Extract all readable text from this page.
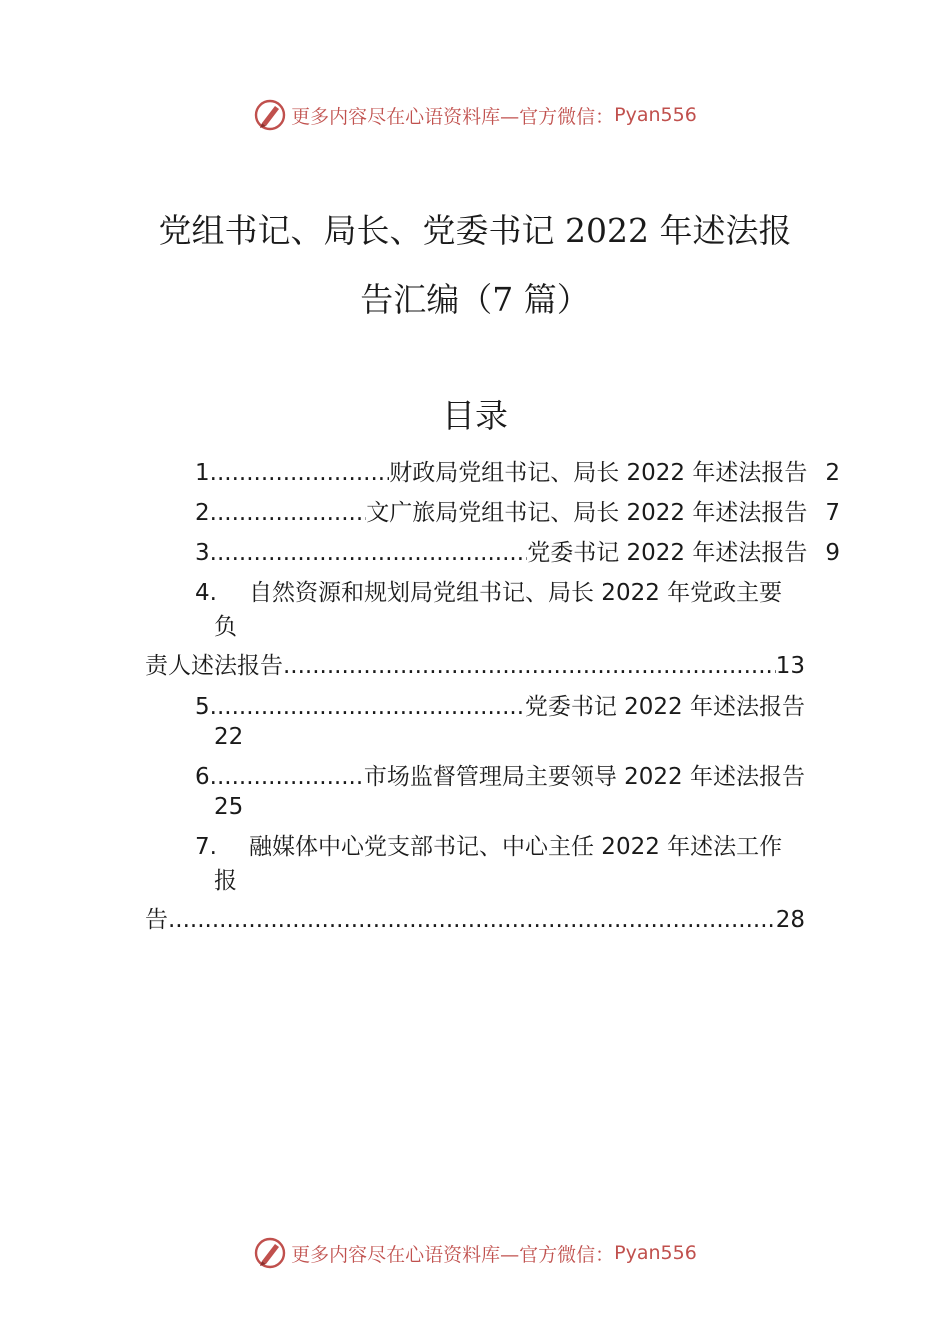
更多内容尽在心语资料库—官方微信： Pyan556
党组书记、局长、党委书记 2022 年述法报
告汇编（7 篇）
目录
1 .....	财政局党组书记、局长 2022 年述法报告 2
2 .....	文广旅局党组书记、局长 2022 年述法报告 7
3 .....	党委书记 2022 年述法报告 9
4. 自然资源和规划局党组书记、局长 2022 年党政主要
负
责人述法报告 .....	13
5 .....	党委书记 2022 年述法报告
22
6 .....	市场监督管理局主要领导 2022 年述法报告
25
7. 融媒体中心党支部书记、中心主任 2022 年述法工作
报
告 .....	28
更多内容尽在心语资料库—官方微信： Pyan556
